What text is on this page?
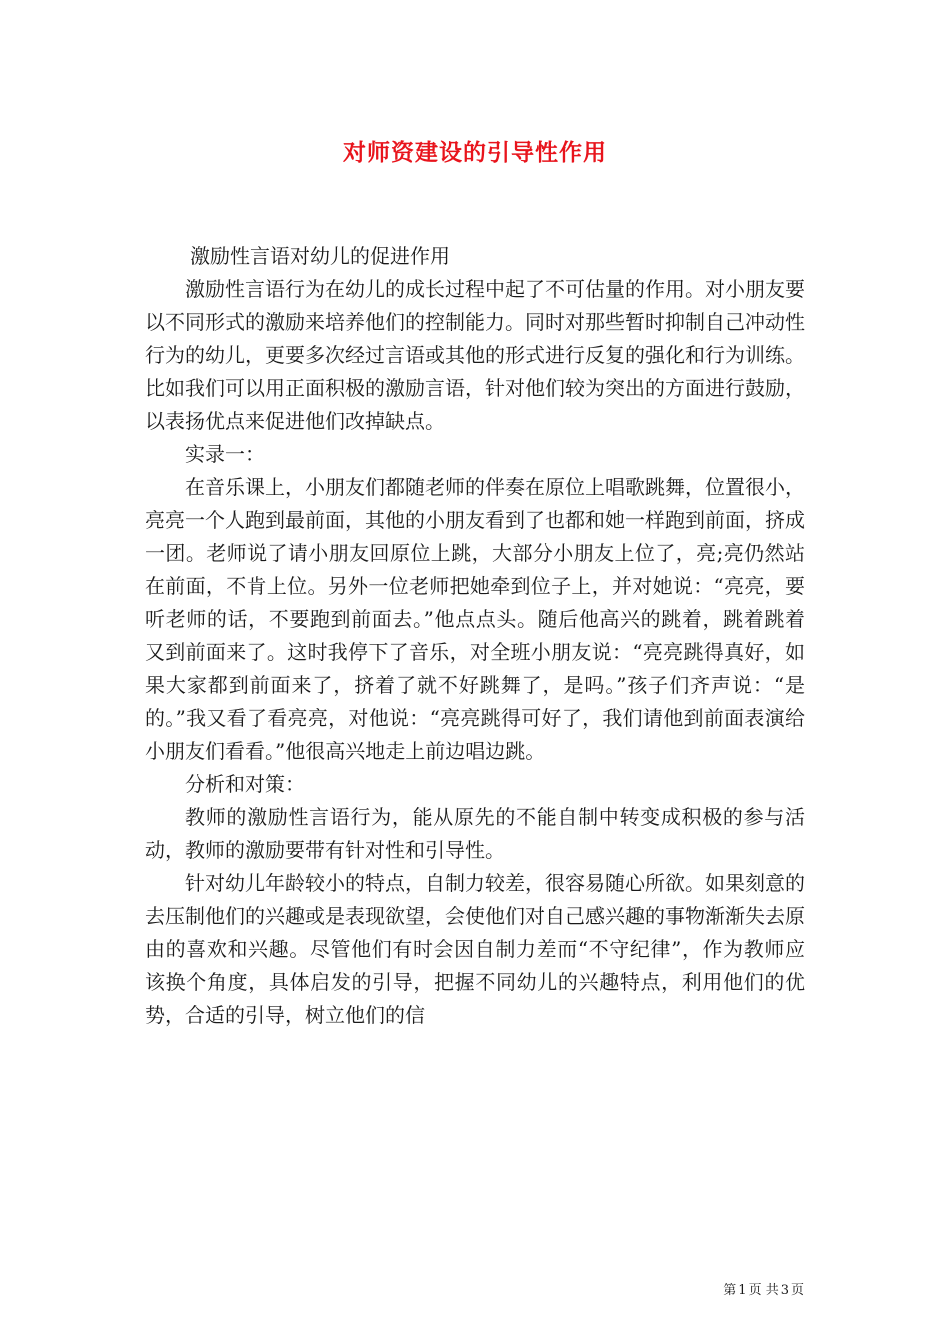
对师资建设的引导性作用

激励性言语对幼儿的促进作用

激励性言语行为在幼儿的成长过程中起了不可估量的作用。对小朋友要以不同形式的激励来培养他们的控制能力。同时对那些暂时抑制自己冲动性行为的幼儿，更要多次经过言语或其他的形式进行反复的强化和行为训练。比如我们可以用正面积极的激励言语，针对他们较为突出的方面进行鼓励，以表扬优点来促进他们改掉缺点。

实录一：

在音乐课上，小朋友们都随老师的伴奏在原位上唱歌跳舞，位置很小，亮亮一个人跑到最前面，其他的小朋友看到了也都和她一样跑到前面，挤成一团。老师说了请小朋友回原位上跳，大部分小朋友上位了，亮;亮仍然站在前面，不肯上位。另外一位老师把她牵到位子上，并对她说：“亮亮，要听老师的话，不要跑到前面去。”他点点头。随后他高兴的跳着，跳着跳着又到前面来了。这时我停下了音乐，对全班小朋友说：“亮亮跳得真好，如果大家都到前面来了，挤着了就不好跳舞了，是吗。”孩子们齐声说：“是的。”我又看了看亮亮，对他说：“亮亮跳得可好了，我们请他到前面表演给小朋友们看看。”他很高兴地走上前边唱边跳。

分析和对策：

教师的激励性言语行为，能从原先的不能自制中转变成积极的参与活动，教师的激励要带有针对性和引导性。

针对幼儿年龄较小的特点，自制力较差，很容易随心所欲。如果刻意的去压制他们的兴趣或是表现欲望，会使他们对自己感兴趣的事物渐渐失去原由的喜欢和兴趣。尽管他们有时会因自制力差而“不守纪律”，作为教师应该换个角度，具体启发的引导，把握不同幼儿的兴趣特点，利用他们的优势，合适的引导，树立他们的信

第 1 页 共 3 页
